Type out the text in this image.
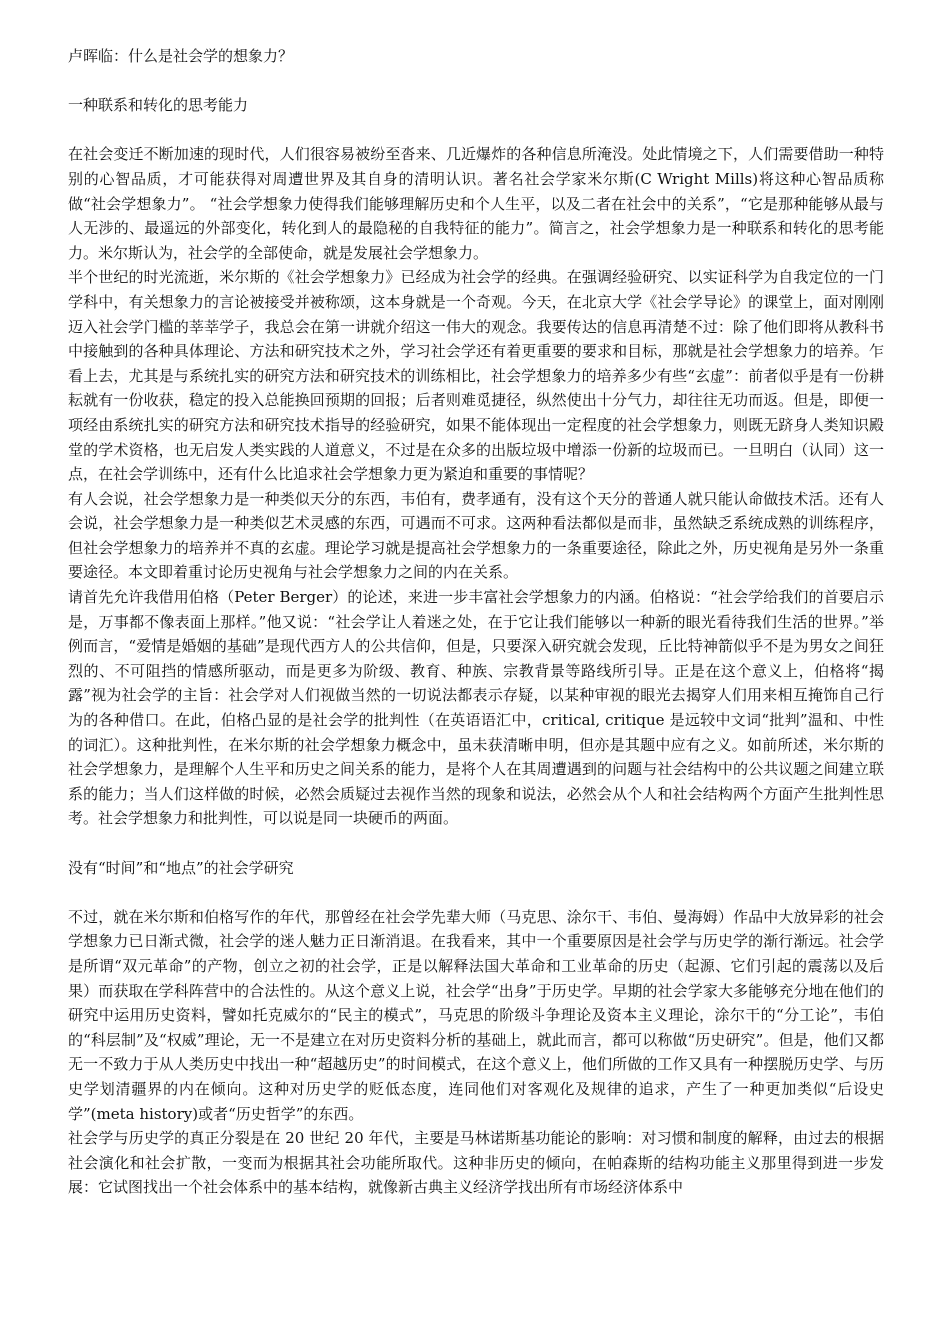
卢晖临：什么是社会学的想象力？

一种联系和转化的思考能力

在社会变迁不断加速的现时代，人们很容易被纷至沓来、几近爆炸的各种信息所淹没。处此情境之下，人们需要借助一种特别的心智品质，才可能获得对周遭世界及其自身的清明认识。著名社会学家米尔斯(C Wright Mills)将这种心智品质称做“社会学想象力”。 “社会学想象力使得我们能够理解历史和个人生平，以及二者在社会中的关系”，“它是那种能够从最与人无涉的、最遥远的外部变化，转化到人的最隐秘的自我特征的能力”。简言之，社会学想象力是一种联系和转化的思考能力。米尔斯认为，社会学的全部使命，就是发展社会学想象力。

半个世纪的时光流逝，米尔斯的《社会学想象力》已经成为社会学的经典。在强调经验研究、以实证科学为自我定位的一门学科中，有关想象力的言论被接受并被称颂，这本身就是一个奇观。今天，在北京大学《社会学导论》的课堂上，面对刚刚迈入社会学门槛的莘莘学子，我总会在第一讲就介绍这一伟大的观念。我要传达的信息再清楚不过：除了他们即将从教科书中接触到的各种具体理论、方法和研究技术之外，学习社会学还有着更重要的要求和目标，那就是社会学想象力的培养。乍看上去，尤其是与系统扎实的研究方法和研究技术的训练相比，社会学想象力的培养多少有些“玄虚”：前者似乎是有一份耕耘就有一份收获，稳定的投入总能换回预期的回报；后者则难觅捷径，纵然使出十分气力，却往往无功而返。但是，即便一项经由系统扎实的研究方法和研究技术指导的经验研究，如果不能体现出一定程度的社会学想象力，则既无跻身人类知识殿堂的学术资格，也无启发人类实践的人道意义，不过是在众多的出版垃圾中增添一份新的垃圾而已。一旦明白（认同）这一点，在社会学训练中，还有什么比追求社会学想象力更为紧迫和重要的事情呢？

有人会说，社会学想象力是一种类似天分的东西，韦伯有，费孝通有，没有这个天分的普通人就只能认命做技术活。还有人会说，社会学想象力是一种类似艺术灵感的东西，可遇而不可求。这两种看法都似是而非，虽然缺乏系统成熟的训练程序，但社会学想象力的培养并不真的玄虚。理论学习就是提高社会学想象力的一条重要途径，除此之外，历史视角是另外一条重要途径。本文即着重讨论历史视角与社会学想象力之间的内在关系。

请首先允许我借用伯格（Peter Berger）的论述，来进一步丰富社会学想象力的内涵。伯格说：“社会学给我们的首要启示是，万事都不像表面上那样。”他又说：“社会学让人着迷之处，在于它让我们能够以一种新的眼光看待我们生活的世界。”举例而言，“爱情是婚姻的基础”是现代西方人的公共信仰，但是，只要深入研究就会发现，丘比特神箭似乎不是为男女之间狂烈的、不可阻挡的情感所驱动，而是更多为阶级、教育、种族、宗教背景等路线所引导。正是在这个意义上，伯格将“揭露”视为社会学的主旨：社会学对人们视做当然的一切说法都表示存疑，以某种审视的眼光去揭穿人们用来相互掩饰自己行为的各种借口。在此，伯格凸显的是社会学的批判性（在英语语汇中，critical, critique 是远较中文词“批判”温和、中性的词汇）。这种批判性，在米尔斯的社会学想象力概念中，虽未获清晰申明，但亦是其题中应有之义。如前所述，米尔斯的社会学想象力，是理解个人生平和历史之间关系的能力，是将个人在其周遭遇到的问题与社会结构中的公共议题之间建立联系的能力；当人们这样做的时候，必然会质疑过去视作当然的现象和说法，必然会从个人和社会结构两个方面产生批判性思考。社会学想象力和批判性，可以说是同一块硬币的两面。

没有“时间”和“地点”的社会学研究

不过，就在米尔斯和伯格写作的年代，那曾经在社会学先辈大师（马克思、涂尔干、韦伯、曼海姆）作品中大放异彩的社会学想象力已日渐式微，社会学的迷人魅力正日渐消退。在我看来，其中一个重要原因是社会学与历史学的渐行渐远。社会学是所谓“双元革命”的产物，创立之初的社会学，正是以解释法国大革命和工业革命的历史（起源、它们引起的震荡以及后果）而获取在学科阵营中的合法性的。从这个意义上说，社会学“出身”于历史学。早期的社会学家大多能够充分地在他们的研究中运用历史资料，譬如托克威尔的“民主的模式”，马克思的阶级斗争理论及资本主义理论，涂尔干的“分工论”，韦伯的“科层制”及“权威”理论，无一不是建立在对历史资料分析的基础上，就此而言，都可以称做“历史研究”。但是，他们又都无一不致力于从人类历史中找出一种“超越历史”的时间模式，在这个意义上，他们所做的工作又具有一种摆脱历史学、与历史学划清疆界的内在倾向。这种对历史学的贬低态度，连同他们对客观化及规律的追求，产生了一种更加类似“后设史学”(meta history)或者“历史哲学”的东西。

社会学与历史学的真正分裂是在 20 世纪 20 年代，主要是马林诺斯基功能论的影响：对习惯和制度的解释，由过去的根据社会演化和社会扩散，一变而为根据其社会功能所取代。这种非历史的倾向，在帕森斯的结构功能主义那里得到进一步发展：它试图找出一个社会体系中的基本结构，就像新古典主义经济学找出所有市场经济体系中
